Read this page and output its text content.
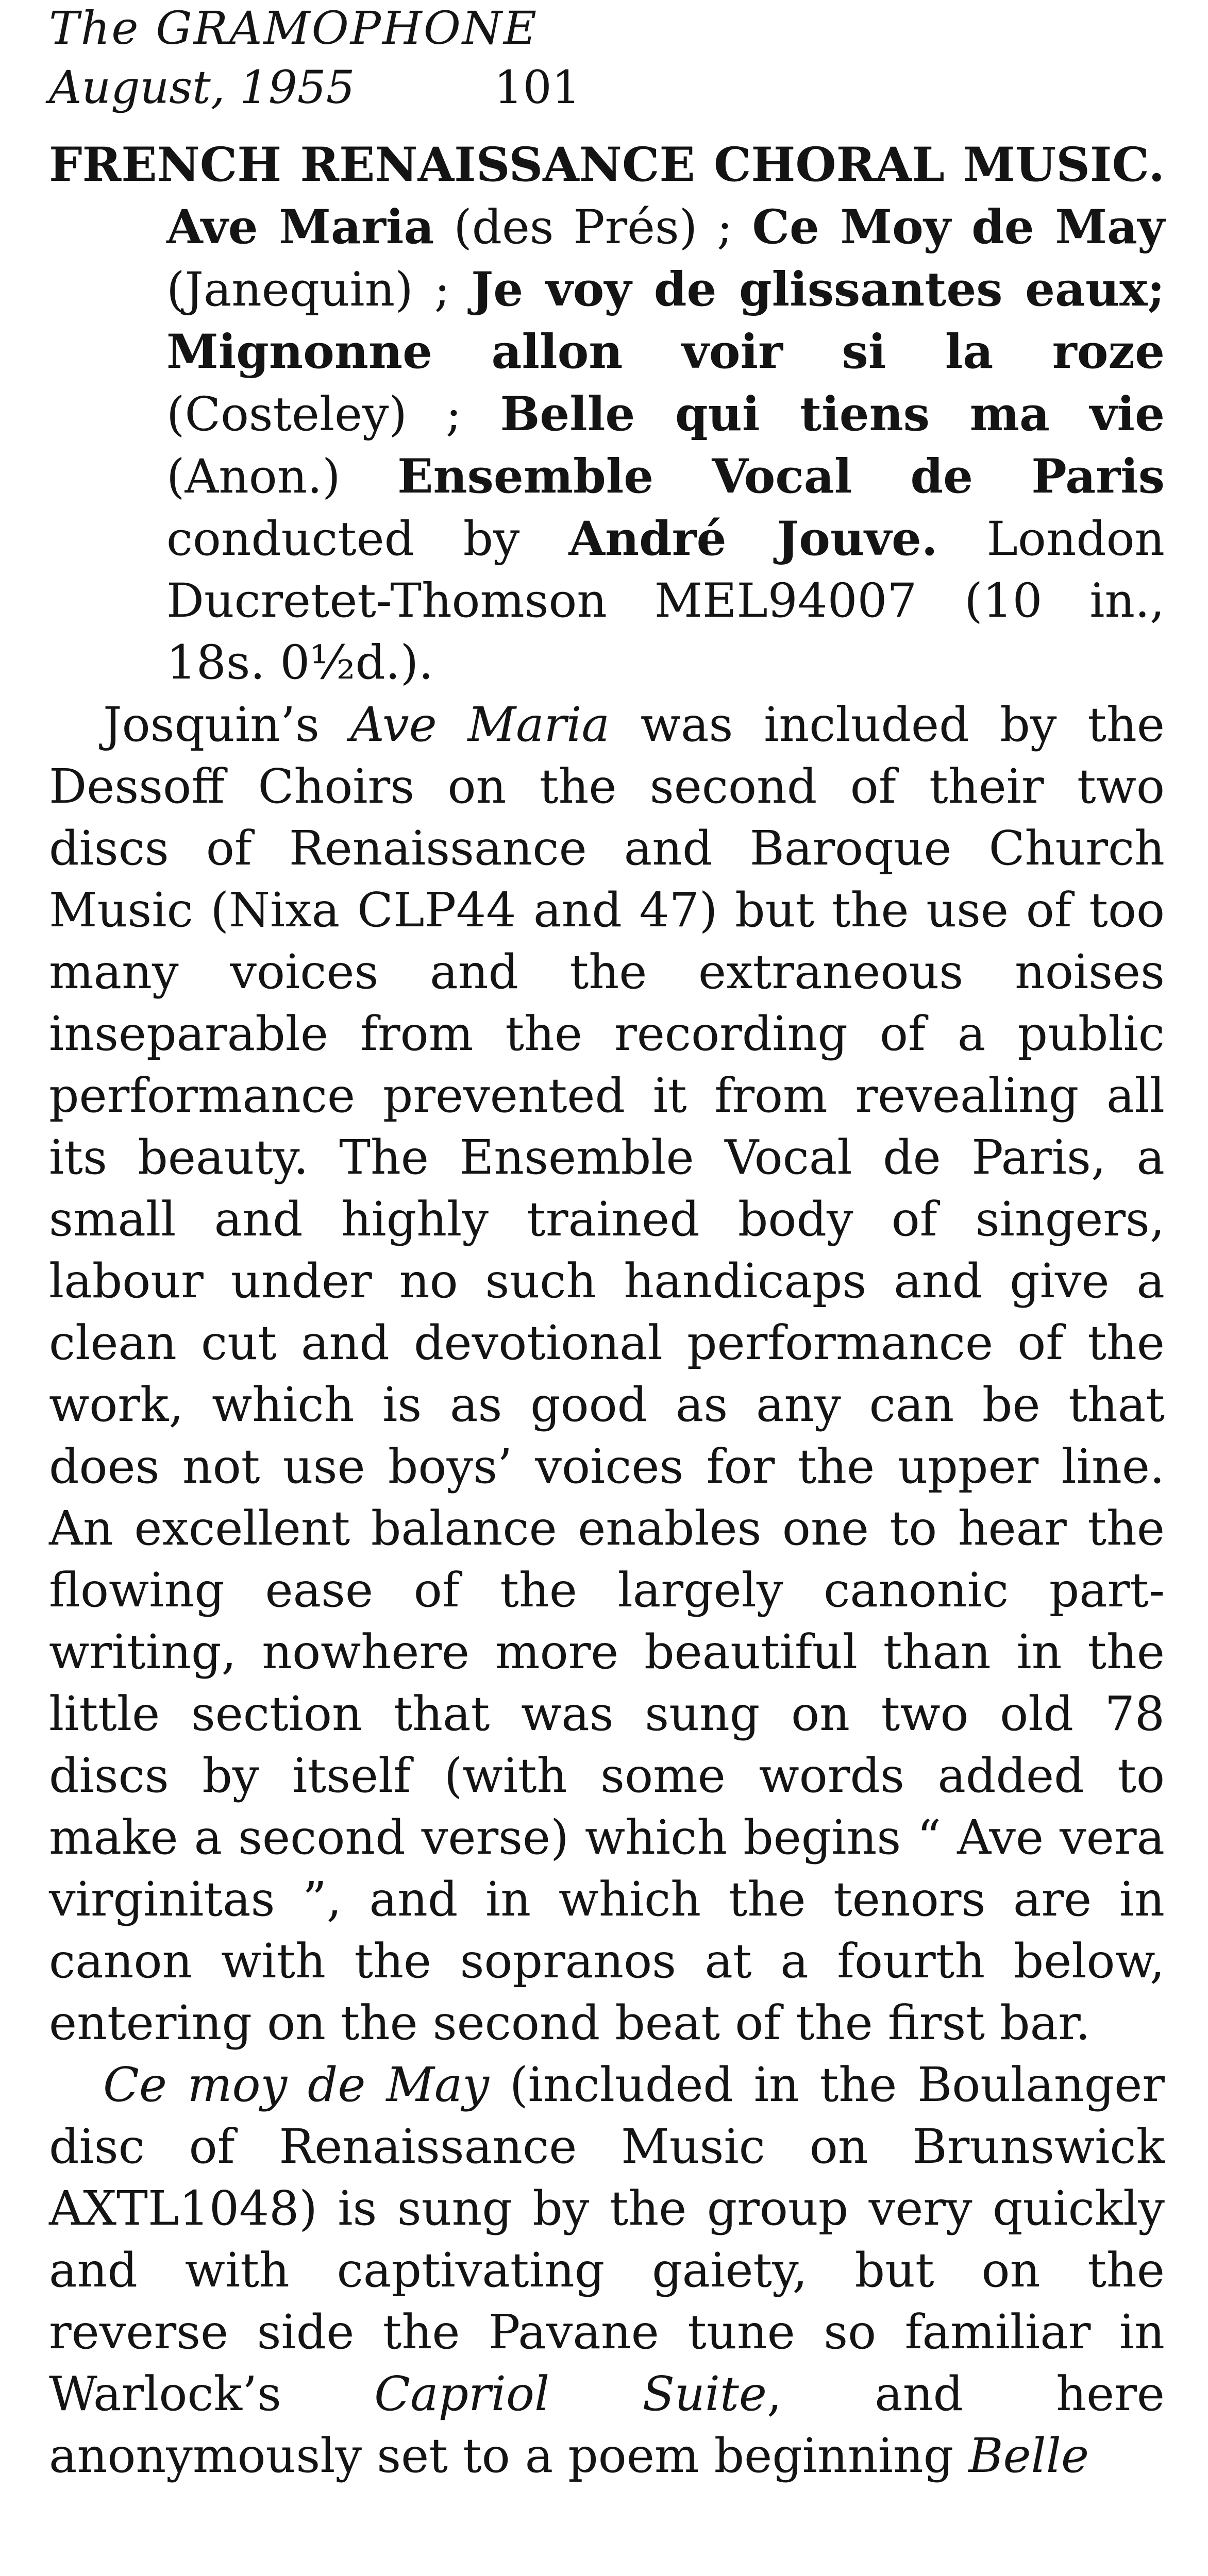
The GRAMOPHONE
August, 1955	101
FRENCH RENAISSANCE CHORAL MUSIC. Ave Maria (des Prés) ; Ce Moy de May (Janequin) ; Je voy de glissantes eaux; Mignonne allon voir si la roze (Costeley) ; Belle qui tiens ma vie (Anon.) Ensemble Vocal de Paris conducted by André Jouve. London Ducretet-Thomson MEL94007 (10 in., 18s. 0½d.).

Josquin’s Ave Maria was included by the Dessoff Choirs on the second of their two discs of Renaissance and Baroque Church Music (Nixa CLP44 and 47) but the use of too many voices and the extraneous noises inseparable from the recording of a public performance prevented it from revealing all its beauty. The Ensemble Vocal de Paris, a small and highly trained body of singers, labour under no such handicaps and give a clean cut and devotional performance of the work, which is as good as any can be that does not use boys’ voices for the upper line. An excellent balance enables one to hear the flowing ease of the largely canonic part-writing, nowhere more beautiful than in the little section that was sung on two old 78 discs by itself (with some words added to make a second verse) which begins “ Ave vera virginitas ”, and in which the tenors are in canon with the sopranos at a fourth below, entering on the second beat of the first bar.

Ce moy de May (included in the Boulanger disc of Renaissance Music on Brunswick AXTL1048) is sung by the group very quickly and with captivating gaiety, but on the reverse side the Pavane tune so familiar in Warlock’s Capriol Suite, and here anonymously set to a poem beginning Belle
